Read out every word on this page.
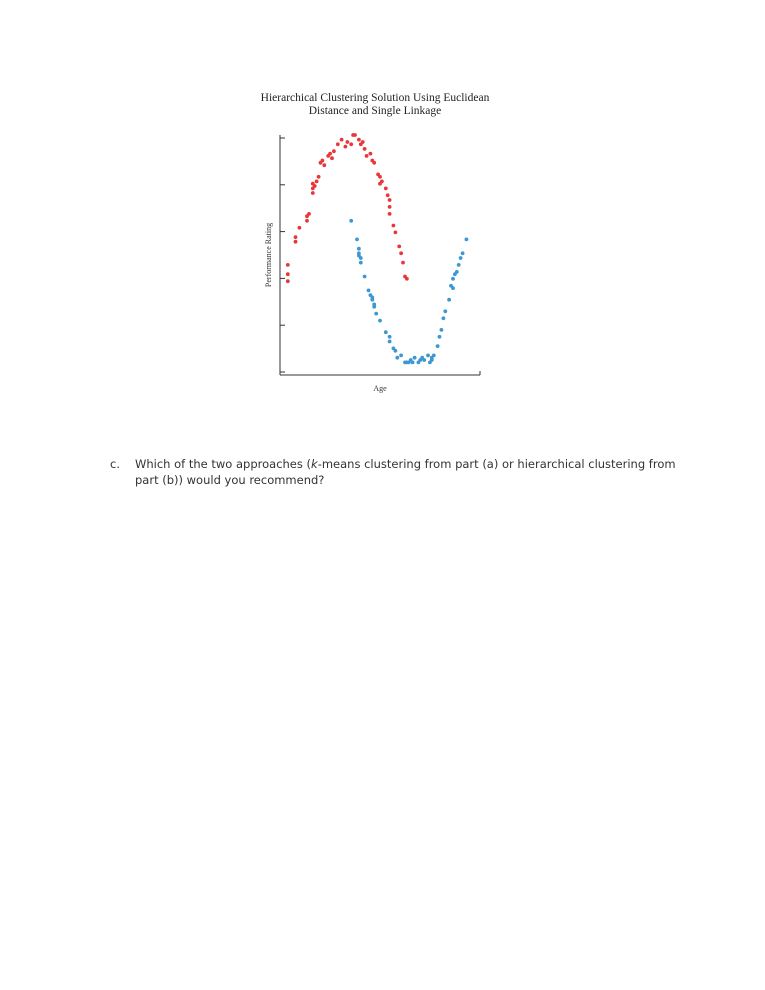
Hierarchical Clustering Solution Using Euclidean
Distance and Single Linkage
Age
Performance Rating
c. Which of the two approaches (k-means clustering from part (a) or hierarchical clustering from part (b)) would you recommend?
